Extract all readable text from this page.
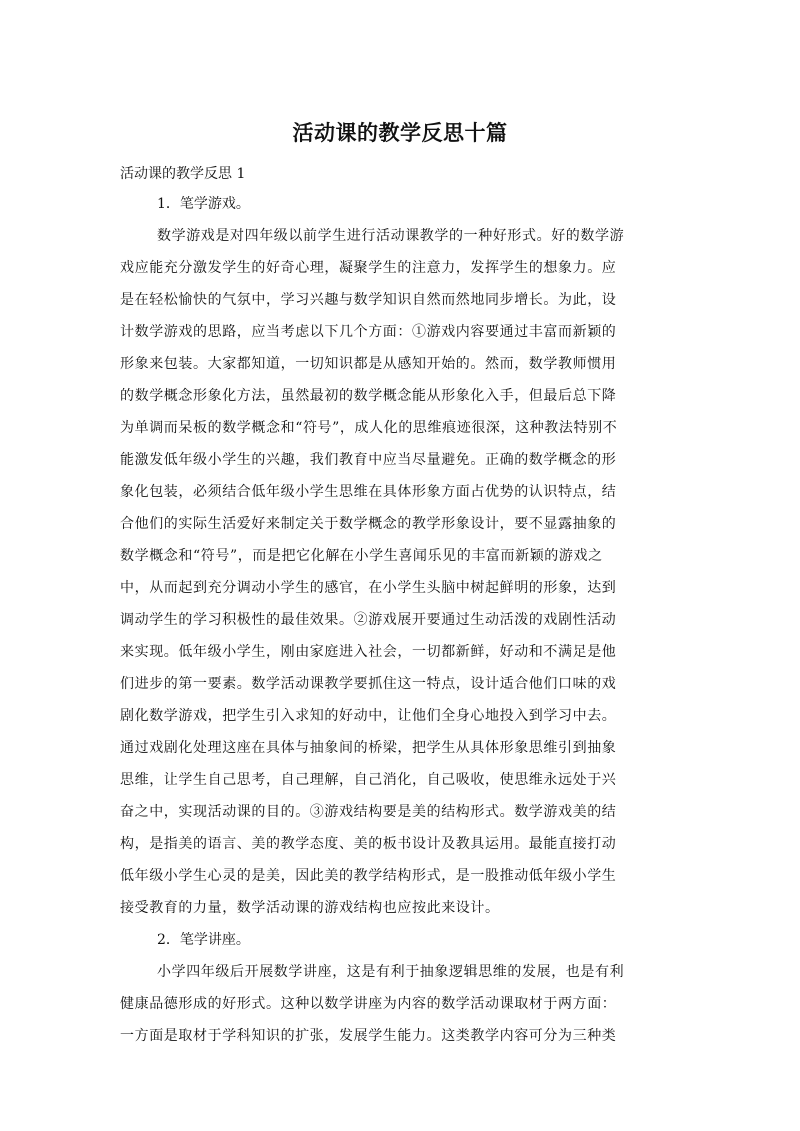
活动课的教学反思十篇

活动课的教学反思 1

1．笔学游戏。

数学游戏是对四年级以前学生进行活动课教学的一种好形式。好的数学游
戏应能充分激发学生的好奇心理，凝聚学生的注意力，发挥学生的想象力。应
是在轻松愉快的气氛中，学习兴趣与数学知识自然而然地同步增长。为此，设
计数学游戏的思路，应当考虑以下几个方面：①游戏内容要通过丰富而新颖的
形象来包装。大家都知道，一切知识都是从感知开始的。然而，数学教师惯用
的数学概念形象化方法，虽然最初的数学概念能从形象化入手，但最后总下降
为单调而呆板的数学概念和“符号”，成人化的思维痕迹很深，这种教法特别不
能激发低年级小学生的兴趣，我们教育中应当尽量避免。正确的数学概念的形
象化包装，必须结合低年级小学生思维在具体形象方面占优势的认识特点，结
合他们的实际生活爱好来制定关于数学概念的教学形象设计，要不显露抽象的
数学概念和“符号”，而是把它化解在小学生喜闻乐见的丰富而新颖的游戏之
中，从而起到充分调动小学生的感官，在小学生头脑中树起鲜明的形象，达到
调动学生的学习积极性的最佳效果。②游戏展开要通过生动活泼的戏剧性活动
来实现。低年级小学生，刚由家庭进入社会，一切都新鲜，好动和不满足是他
们进步的第一要素。数学活动课教学要抓住这一特点，设计适合他们口味的戏
剧化数学游戏，把学生引入求知的好动中，让他们全身心地投入到学习中去。
通过戏剧化处理这座在具体与抽象间的桥梁，把学生从具体形象思维引到抽象
思维，让学生自己思考，自己理解，自己消化，自己吸收，使思维永远处于兴
奋之中，实现活动课的目的。③游戏结构要是美的结构形式。数学游戏美的结
构，是指美的语言、美的教学态度、美的板书设计及教具运用。最能直接打动
低年级小学生心灵的是美，因此美的教学结构形式，是一股推动低年级小学生
接受教育的力量，数学活动课的游戏结构也应按此来设计。

2．笔学讲座。

小学四年级后开展数学讲座，这是有利于抽象逻辑思维的发展，也是有利
健康品德形成的好形式。这种以数学讲座为内容的数学活动课取材于两方面：
一方面是取材于学科知识的扩张，发展学生能力。这类教学内容可分为三种类
